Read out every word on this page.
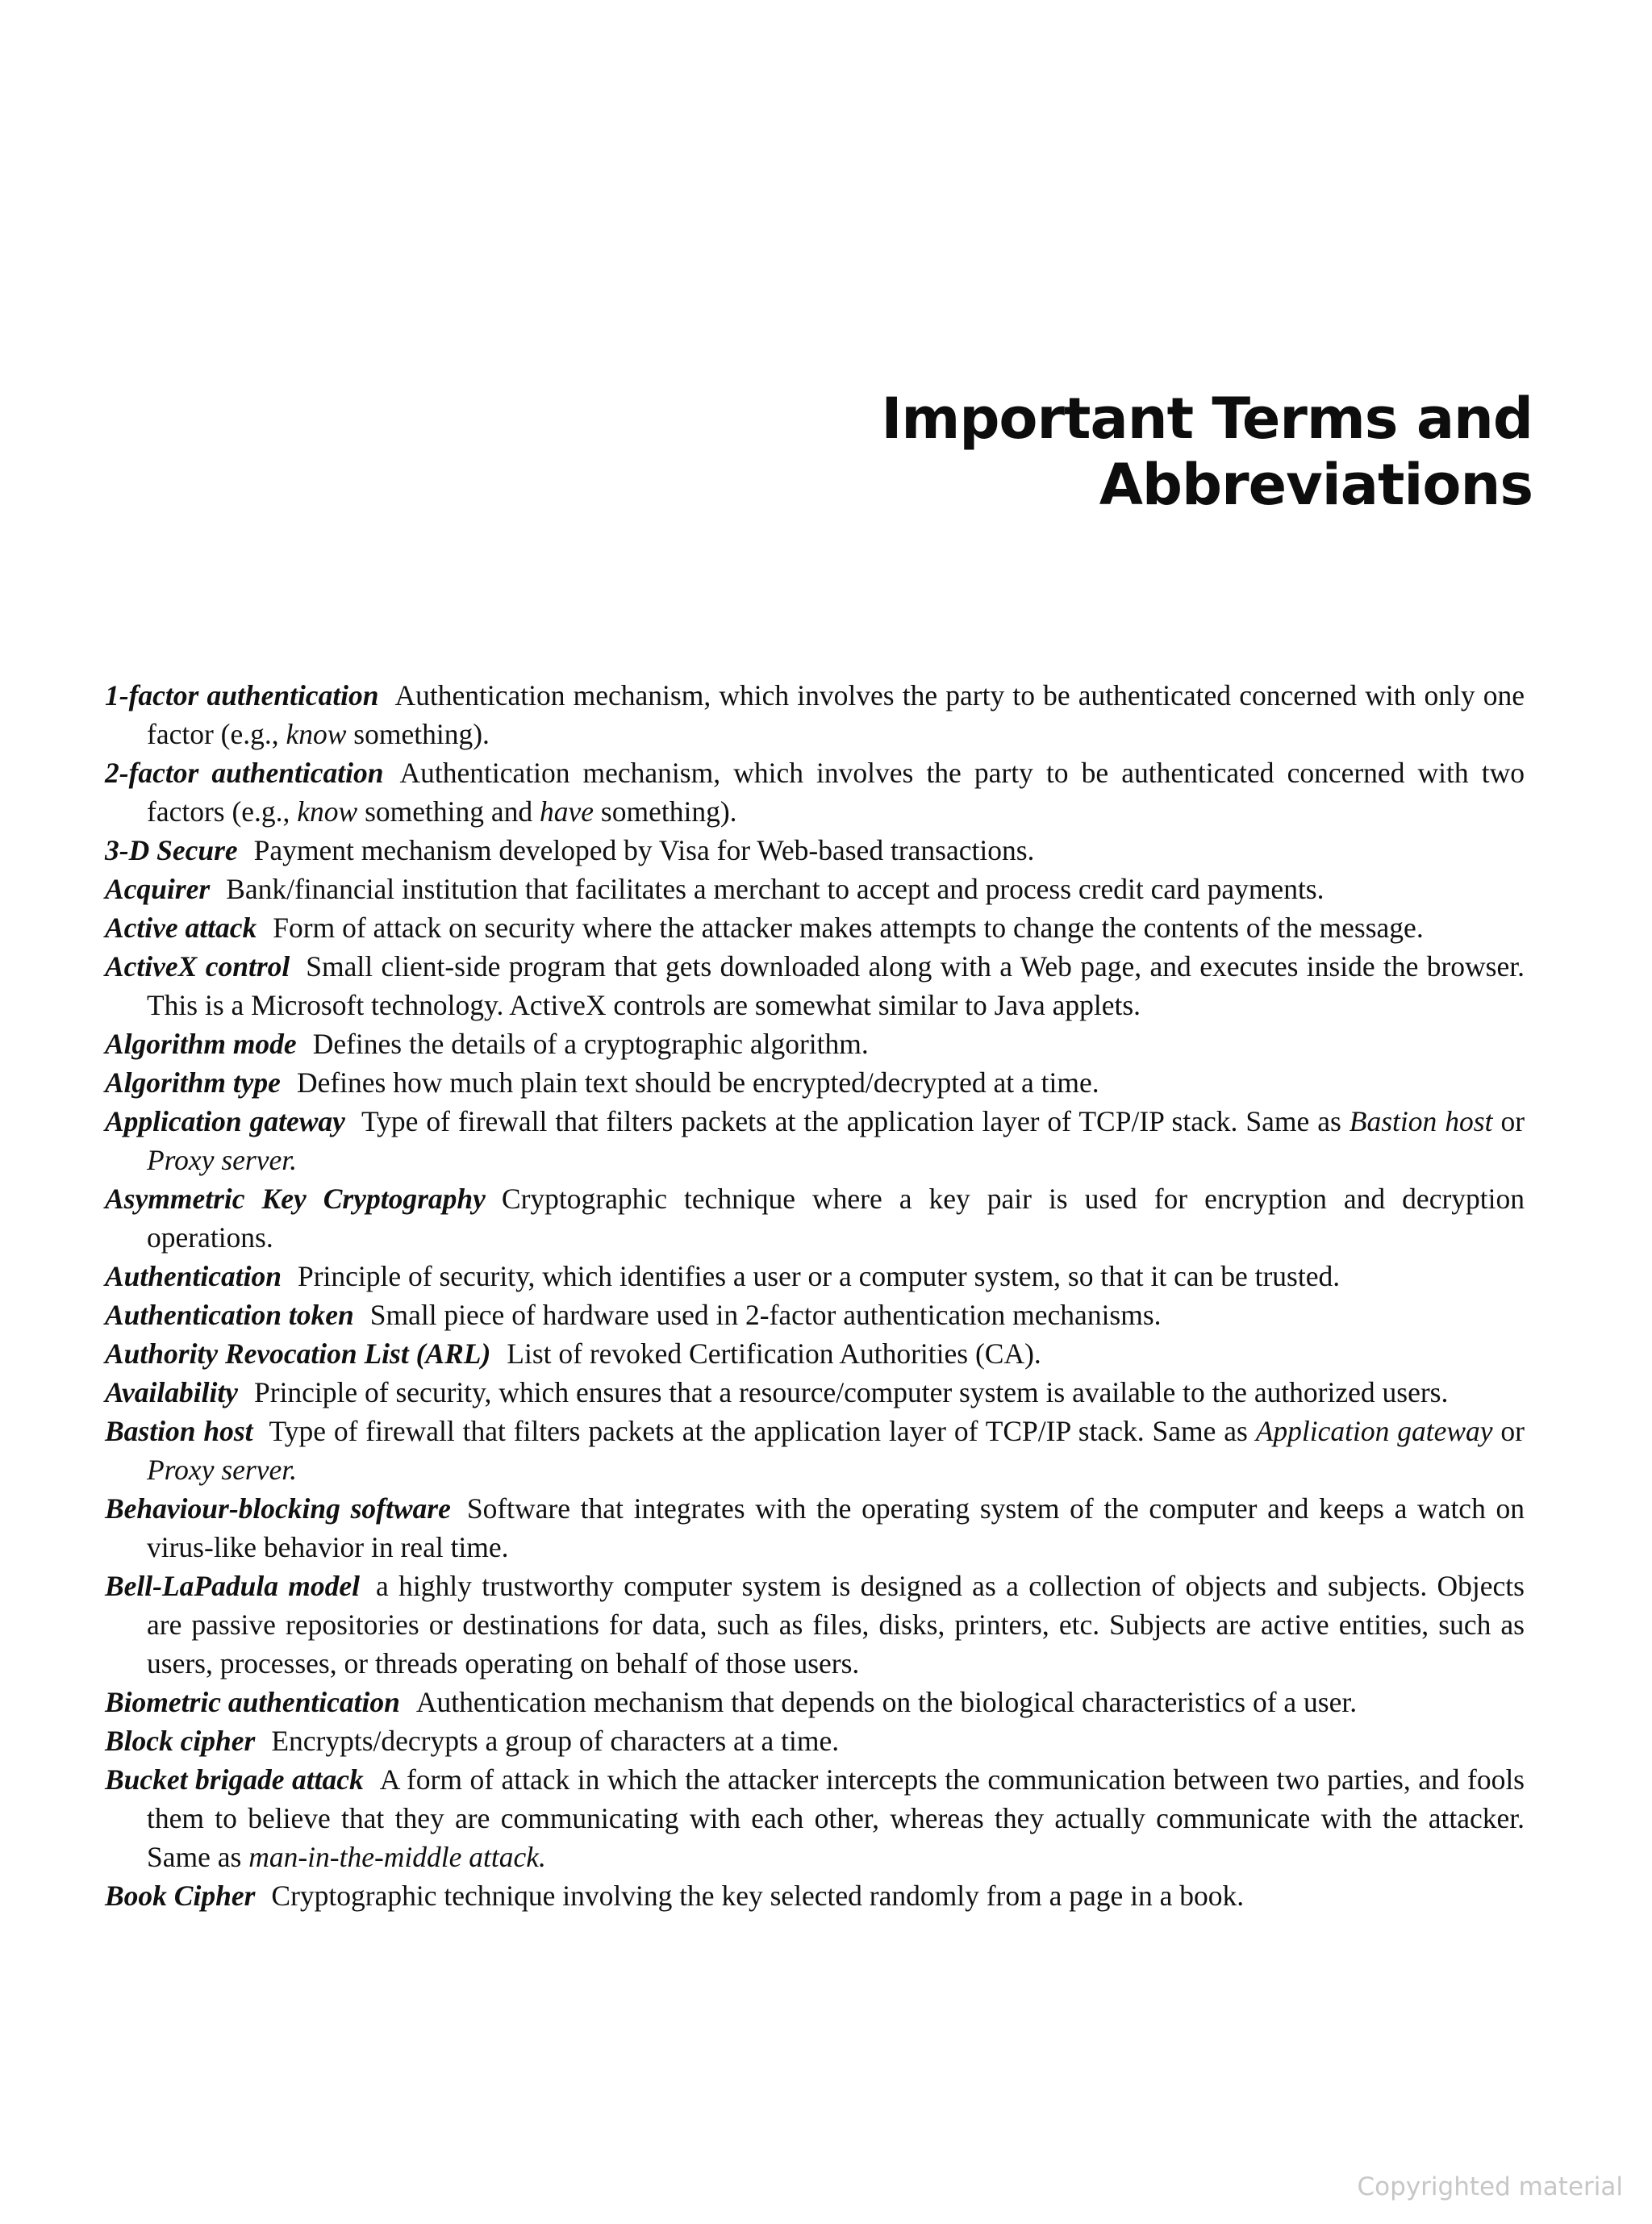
Important Terms and Abbreviations

1-factor authentication Authentication mechanism, which involves the party to be authenticated concerned with only one factor (e.g., know something).

2-factor authentication Authentication mechanism, which involves the party to be authenticated concerned with two factors (e.g., know something and have something).

3-D Secure Payment mechanism developed by Visa for Web-based transactions.

Acquirer Bank/financial institution that facilitates a merchant to accept and process credit card payments.

Active attack Form of attack on security where the attacker makes attempts to change the contents of the message.

ActiveX control Small client-side program that gets downloaded along with a Web page, and executes inside the browser. This is a Microsoft technology. ActiveX controls are somewhat similar to Java applets.

Algorithm mode Defines the details of a cryptographic algorithm.

Algorithm type Defines how much plain text should be encrypted/decrypted at a time.

Application gateway Type of firewall that filters packets at the application layer of TCP/IP stack. Same as Bastion host or Proxy server.

Asymmetric Key Cryptography Cryptographic technique where a key pair is used for encryption and decryption operations.

Authentication Principle of security, which identifies a user or a computer system, so that it can be trusted.

Authentication token Small piece of hardware used in 2-factor authentication mechanisms.

Authority Revocation List (ARL) List of revoked Certification Authorities (CA).

Availability Principle of security, which ensures that a resource/computer system is available to the authorized users.

Bastion host Type of firewall that filters packets at the application layer of TCP/IP stack. Same as Application gateway or Proxy server.

Behaviour-blocking software Software that integrates with the operating system of the computer and keeps a watch on virus-like behavior in real time.

Bell-LaPadula model a highly trustworthy computer system is designed as a collection of objects and subjects. Objects are passive repositories or destinations for data, such as files, disks, printers, etc. Subjects are active entities, such as users, processes, or threads operating on behalf of those users.

Biometric authentication Authentication mechanism that depends on the biological characteristics of a user.

Block cipher Encrypts/decrypts a group of characters at a time.

Bucket brigade attack A form of attack in which the attacker intercepts the communication between two parties, and fools them to believe that they are communicating with each other, whereas they actually communicate with the attacker. Same as man-in-the-middle attack.

Book Cipher Cryptographic technique involving the key selected randomly from a page in a book.

Copyrighted material
